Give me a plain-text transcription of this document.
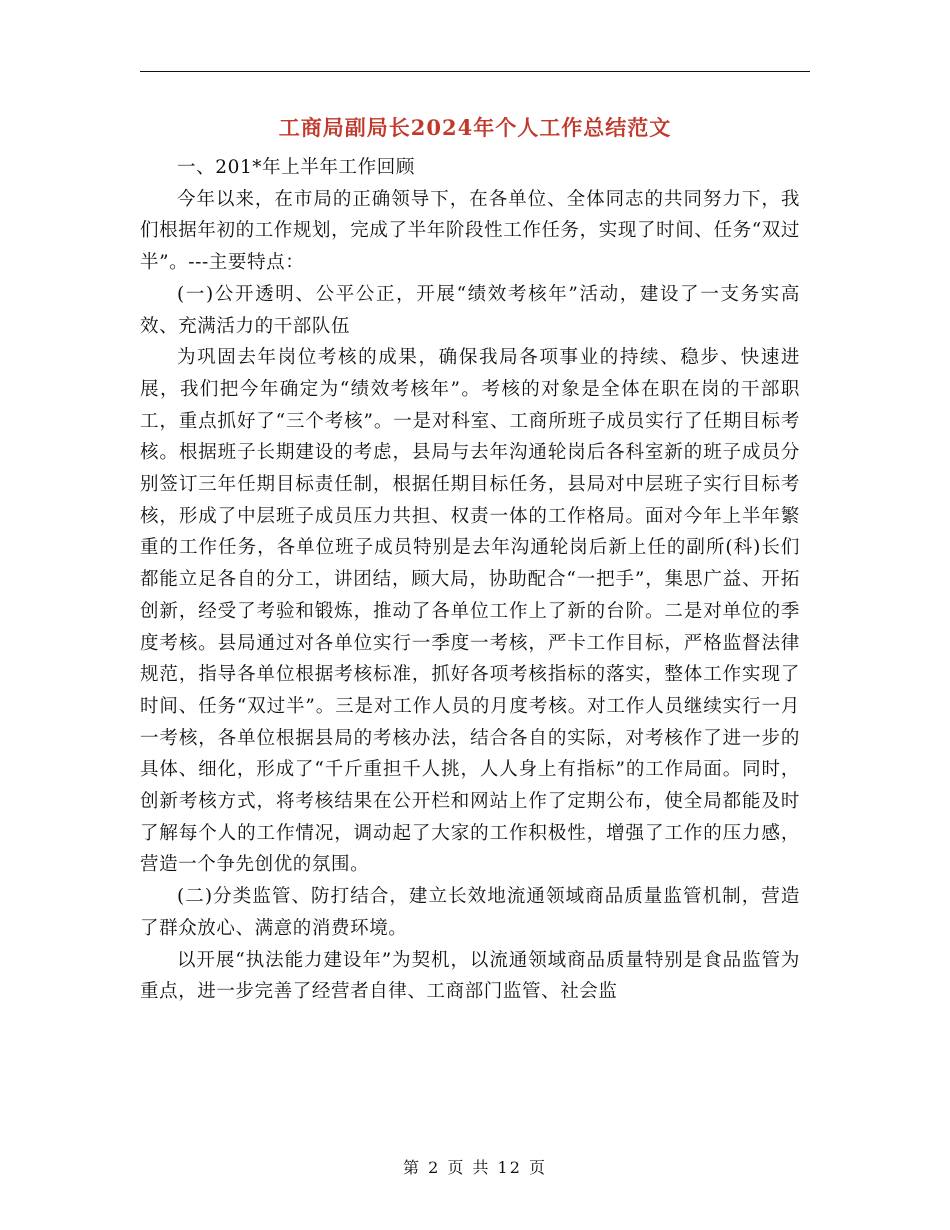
工商局副局长2024年个人工作总结范文

一、201*年上半年工作回顾

今年以来，在市局的正确领导下，在各单位、全体同志的共同努力下，我们根据年初的工作规划，完成了半年阶段性工作任务，实现了时间、任务“双过半”。---主要特点：

(一)公开透明、公平公正，开展“绩效考核年”活动，建设了一支务实高效、充满活力的干部队伍

为巩固去年岗位考核的成果，确保我局各项事业的持续、稳步、快速进展，我们把今年确定为“绩效考核年”。考核的对象是全体在职在岗的干部职工，重点抓好了“三个考核”。一是对科室、工商所班子成员实行了任期目标考核。根据班子长期建设的考虑，县局与去年沟通轮岗后各科室新的班子成员分别签订三年任期目标责任制，根据任期目标任务，县局对中层班子实行目标考核，形成了中层班子成员压力共担、权责一体的工作格局。面对今年上半年繁重的工作任务，各单位班子成员特别是去年沟通轮岗后新上任的副所(科)长们都能立足各自的分工，讲团结，顾大局，协助配合“一把手”，集思广益、开拓创新，经受了考验和锻炼，推动了各单位工作上了新的台阶。二是对单位的季度考核。县局通过对各单位实行一季度一考核，严卡工作目标，严格监督法律规范，指导各单位根据考核标准，抓好各项考核指标的落实，整体工作实现了时间、任务“双过半”。三是对工作人员的月度考核。对工作人员继续实行一月一考核，各单位根据县局的考核办法，结合各自的实际，对考核作了进一步的具体、细化，形成了“千斤重担千人挑，人人身上有指标”的工作局面。同时，创新考核方式，将考核结果在公开栏和网站上作了定期公布，使全局都能及时了解每个人的工作情况，调动起了大家的工作积极性，增强了工作的压力感，营造一个争先创优的氛围。

(二)分类监管、防打结合，建立长效地流通领域商品质量监管机制，营造了群众放心、满意的消费环境。

以开展“执法能力建设年”为契机，以流通领域商品质量特别是食品监管为重点，进一步完善了经营者自律、工商部门监管、社会监

第 2 页 共 12 页
